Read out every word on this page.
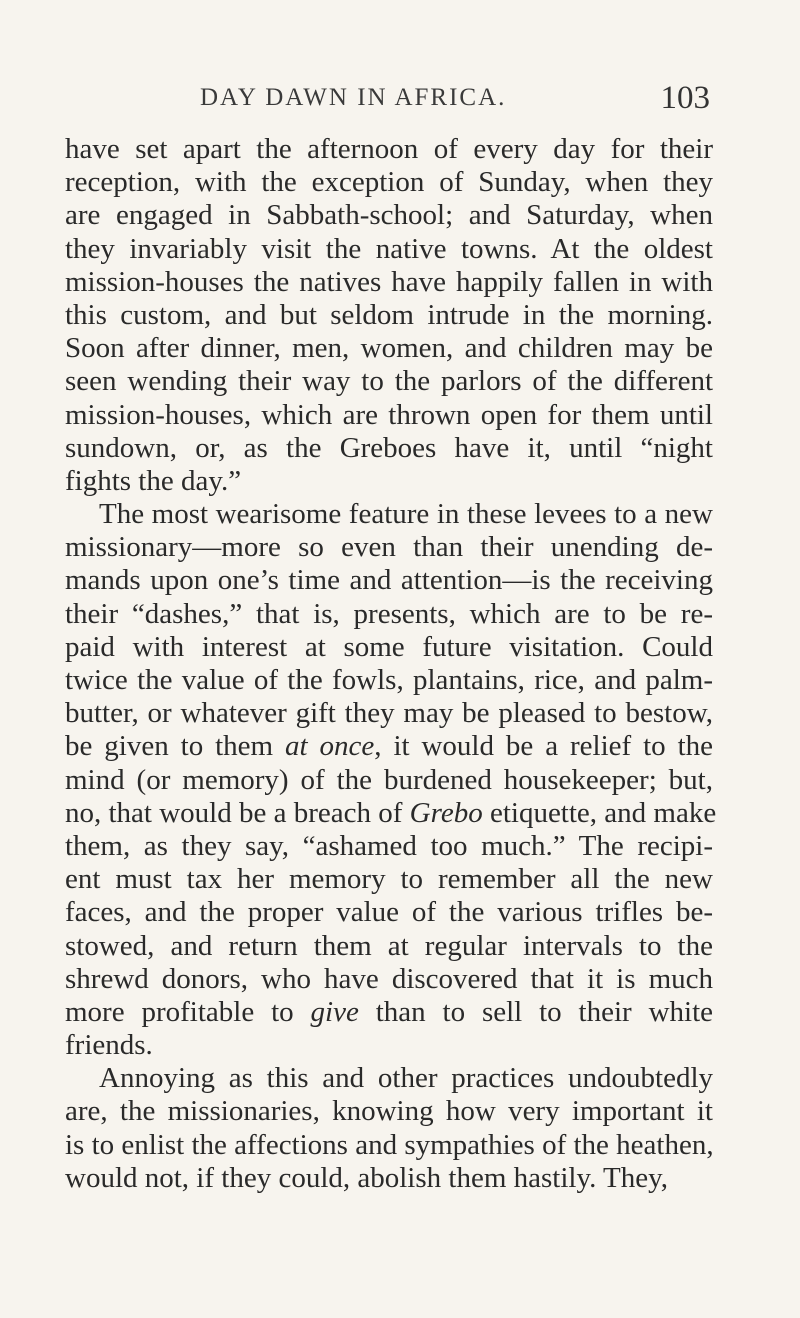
DAY DAWN IN AFRICA.	103
have set apart the afternoon of every day for their
reception, with the exception of Sunday, when they
are engaged in Sabbath-school; and Saturday, when
they invariably visit the native towns. At the oldest
mission-houses the natives have happily fallen in with
this custom, and but seldom intrude in the morning.
Soon after dinner, men, women, and children may be
seen wending their way to the parlors of the different
mission-houses, which are thrown open for them until
sundown, or, as the Greboes have it, until “night
fights the day.”
The most wearisome feature in these levees to a new
missionary—more so even than their unending de-
mands upon one’s time and attention—is the receiving
their “dashes,” that is, presents, which are to be re-
paid with interest at some future visitation. Could
twice the value of the fowls, plantains, rice, and palm-
butter, or whatever gift they may be pleased to bestow,
be given to them at once, it would be a relief to the
mind (or memory) of the burdened housekeeper; but,
no, that would be a breach of Grebo etiquette, and make
them, as they say, “ashamed too much.” The recipi-
ent must tax her memory to remember all the new
faces, and the proper value of the various trifles be-
stowed, and return them at regular intervals to the
shrewd donors, who have discovered that it is much
more profitable to give than to sell to their white
friends.
Annoying as this and other practices undoubtedly
are, the missionaries, knowing how very important it
is to enlist the affections and sympathies of the heathen,
would not, if they could, abolish them hastily. They,
